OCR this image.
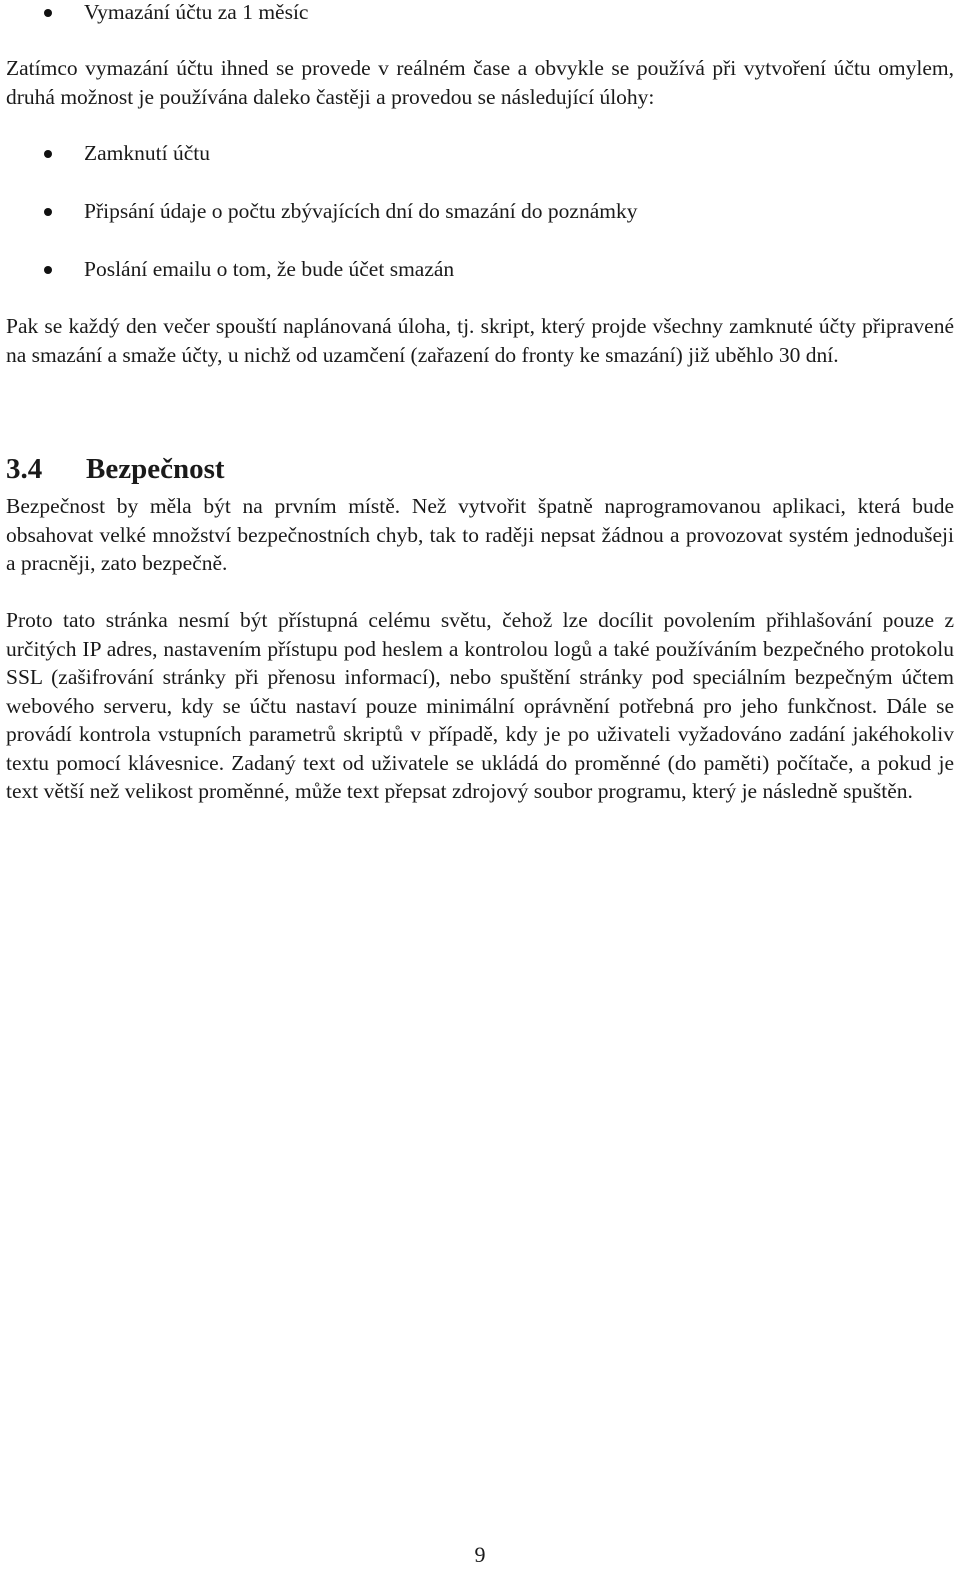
Vymazání účtu za 1 měsíc

Zatímco vymazání účtu ihned se provede v reálném čase a obvykle se používá při vytvoření účtu omylem, druhá možnost je používána daleko častěji a provedou se následující úlohy:

Zamknutí účtu
Připsání údaje o počtu zbývajících dní do smazání do poznámky
Poslání emailu o tom, že bude účet smazán

Pak se každý den večer spouští naplánovaná úloha, tj. skript, který projde všechny zamknuté účty připravené na smazání a smaže účty, u nichž od uzamčení (zařazení do fronty ke smazání) již uběhlo 30 dní.

3.4 Bezpečnost

Bezpečnost by měla být na prvním místě. Než vytvořit špatně naprogramovanou aplikaci, která bude obsahovat velké množství bezpečnostních chyb, tak to raději nepsat žádnou a provozovat systém jednodušeji a pracněji, zato bezpečně.

Proto tato stránka nesmí být přístupná celému světu, čehož lze docílit povolením přihlašování pouze z určitých IP adres, nastavením přístupu pod heslem a kontrolou logů a také používáním bezpečného protokolu SSL (zašifrování stránky při přenosu informací), nebo spuštění stránky pod speciálním bezpečným účtem webového serveru, kdy se účtu nastaví pouze minimální oprávnění potřebná pro jeho funkčnost. Dále se provádí kontrola vstupních parametrů skriptů v případě, kdy je po uživateli vyžadováno zadání jakéhokoliv textu pomocí klávesnice. Zadaný text od uživatele se ukládá do proměnné (do paměti) počítače, a pokud je text větší než velikost proměnné, může text přepsat zdrojový soubor programu, který je následně spuštěn.

9
